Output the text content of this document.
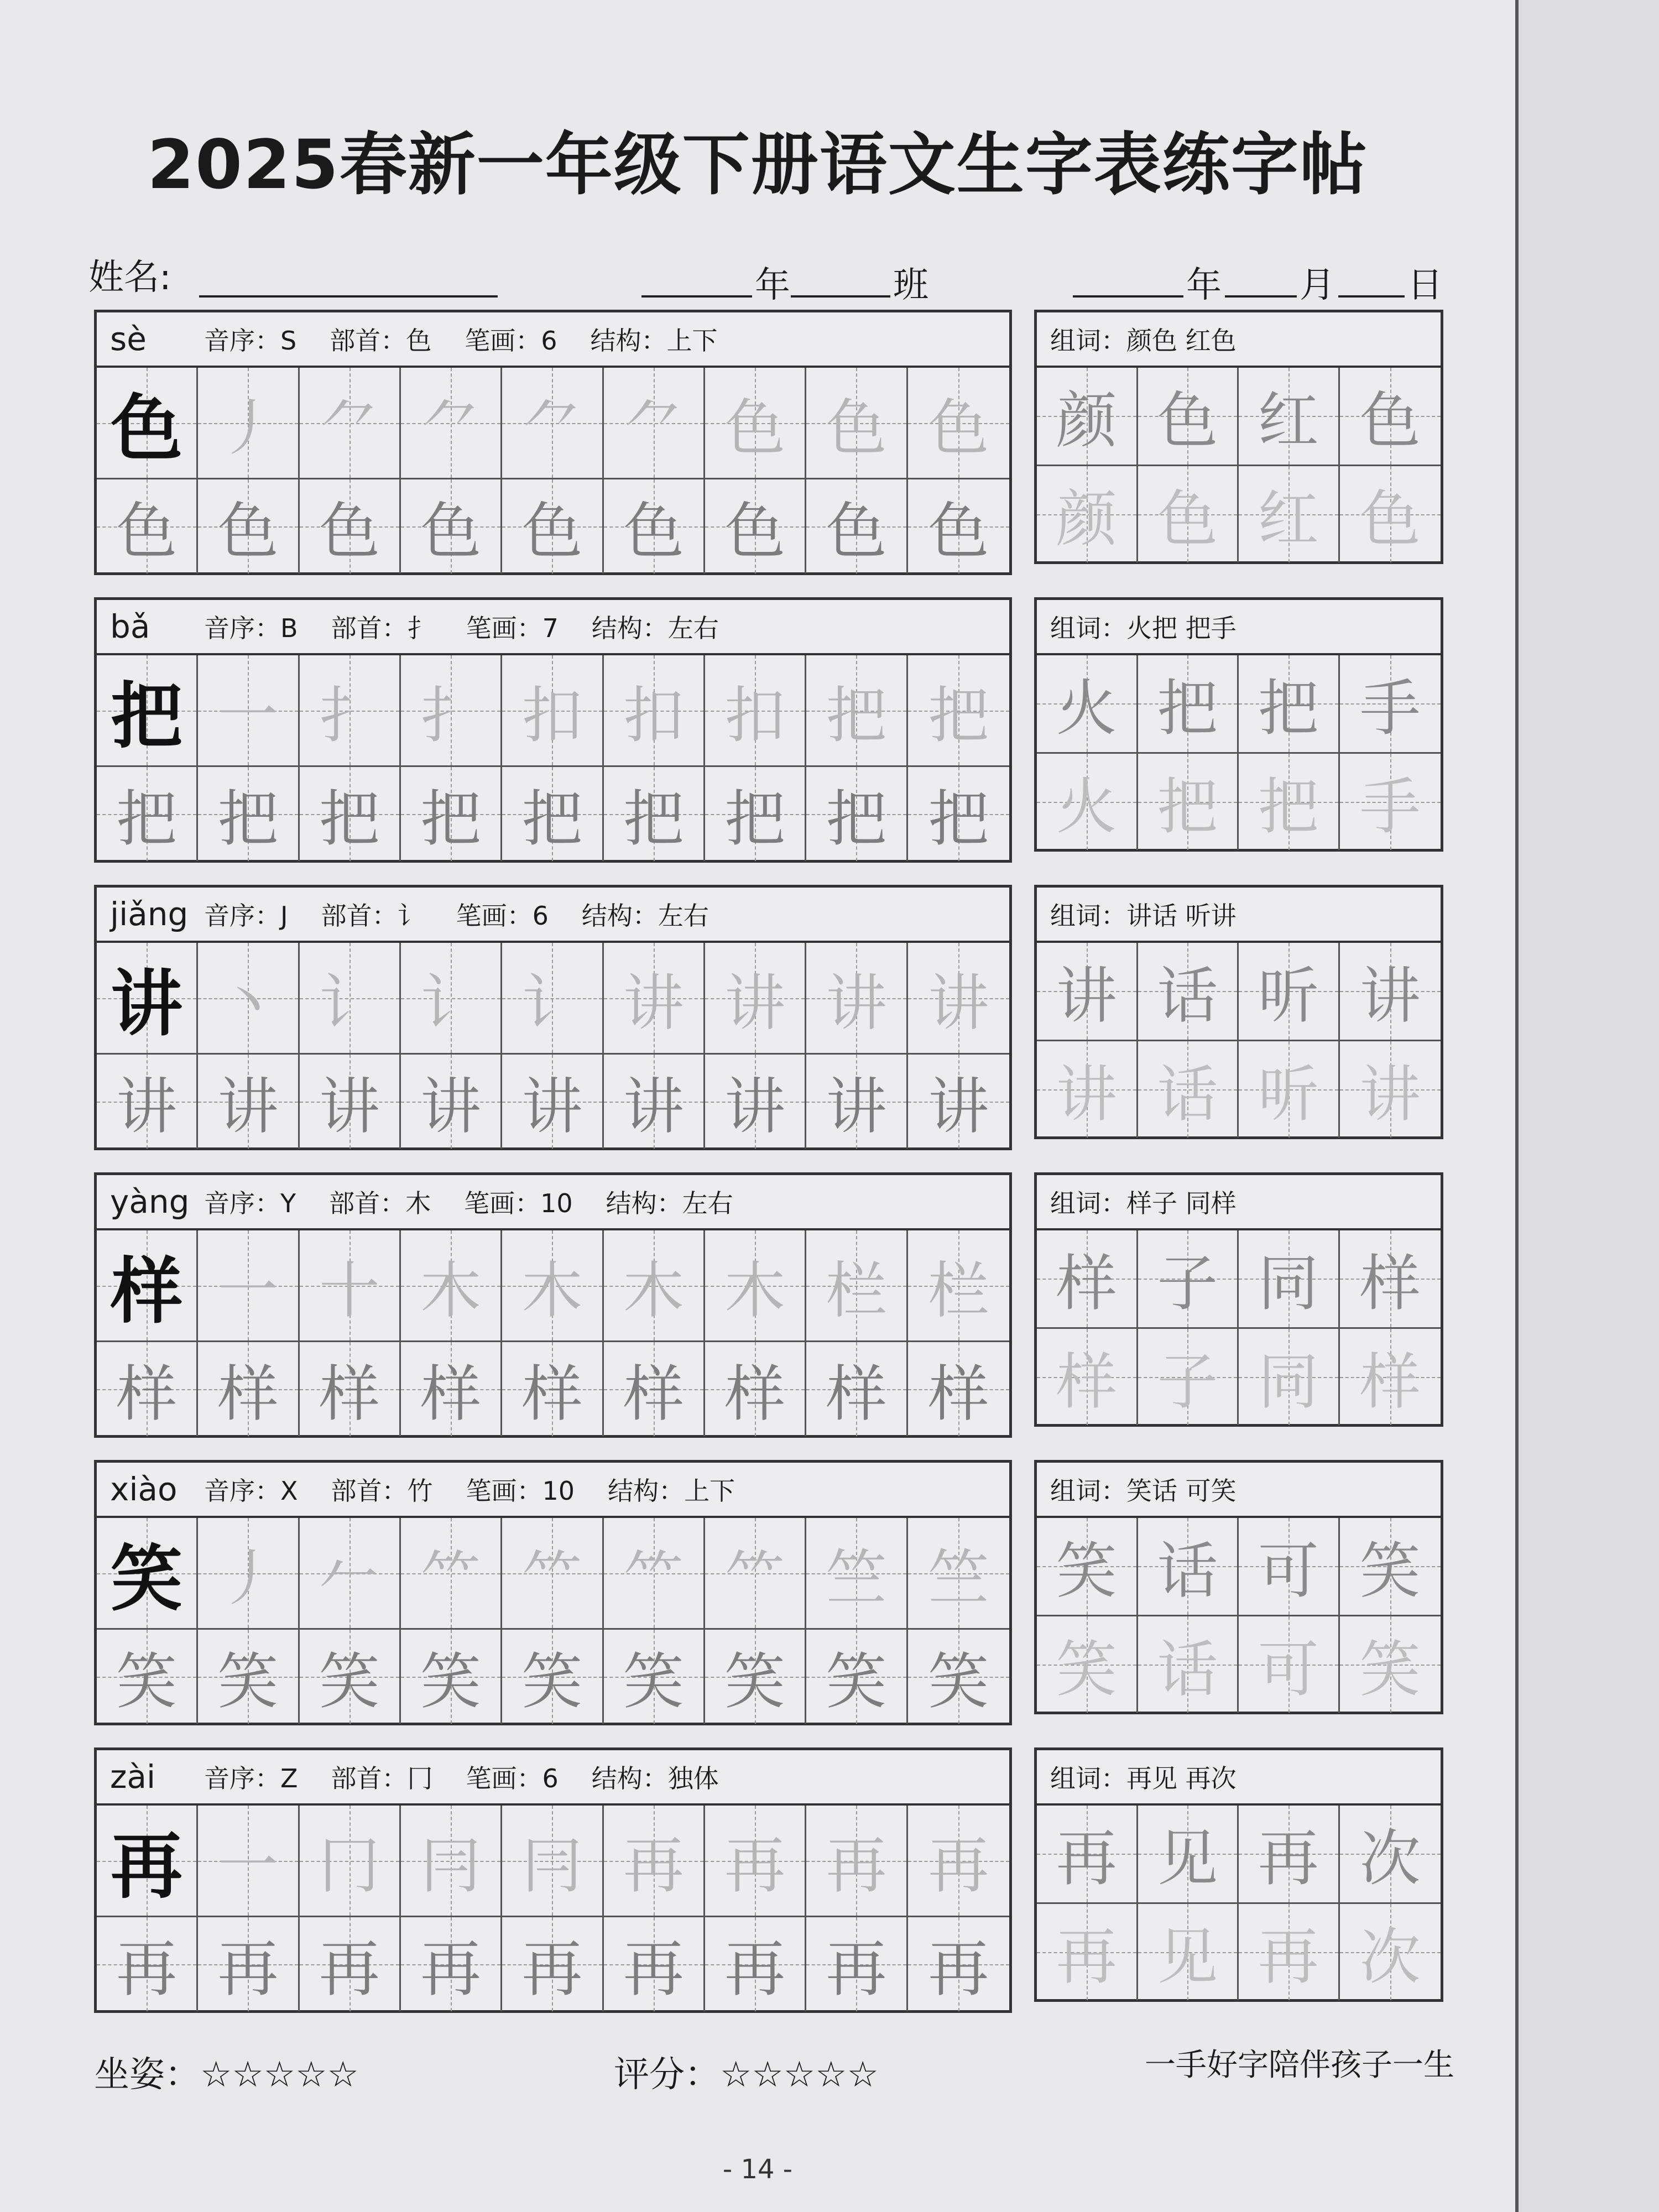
2025春新一年级下册语文生字表练字帖
姓名:	年	班	年 月 日
sè	音序：S 部首：色 笔画：6 结构：上下
色 丿 ⺈ ⺈ ⺈ ⺈ 色 色 色
色 色 色 色 色 色 色 色 色
组词： 颜色 红色
颜 色 红 色
颜 色 红 色
bǎ	音序：B 部首：扌 笔画：7 结构：左右
把 一 扌 扌 扣 扣 扣 把 把
把 把 把 把 把 把 把 把 把
组词： 火把 把手
火 把 把 手
火 把 把 手
jiǎng 音序：J 部首：讠 笔画：6 结构：左右
讲 丶 讠 讠 讠 讲 讲 讲 讲
讲 讲 讲 讲 讲 讲 讲 讲 讲
组词： 讲话 听讲
讲 话 听 讲
讲 话 听 讲
yàng 音序：Y 部首：木 笔画：10 结构：左右
样 一 十 木 木 木 木 栏 栏
样 样 样 样 样 样 样 样 样
组词： 样子 同样
样 子 同 样
样 子 同 样
xiào	音序：X 部首：竹 笔画：10 结构：上下
笑 丿 𠂉 ⺮ ⺮ ⺮ ⺮ 竺 竺
笑 笑 笑 笑 笑 笑 笑 笑 笑
组词： 笑话 可笑
笑 话 可 笑
笑 话 可 笑
zài	音序：Z 部首：冂 笔画：6 结构：独体
再 一 冂 冃 冃 再 再 再 再
再 再 再 再 再 再 再 再 再
组词： 再见 再次
再 见 再 次
再 见 再 次
坐姿：☆☆☆☆☆	评分：☆☆☆☆☆	一手好字陪伴孩子一生
- 14 -
